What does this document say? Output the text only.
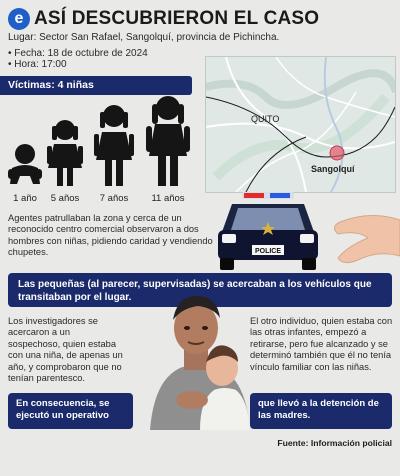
e ASÍ DESCUBRIERON EL CASO
Lugar: Sector San Rafael, Sangolquí, provincia de Pichincha.
• Fecha: 18 de octubre de 2024
• Hora: 17:00
Víctimas: 4 niñas
1 año	5 años	7 años	11 años
QUITO
Sangolquí
POLICE
Agentes patrullaban la zona y cerca de un reconocido centro comercial observaron a dos hombres con niñas, pidiendo caridad y vendiendo chupetes.
Las pequeñas (al parecer, supervisadas) se acercaban a los vehículos que transitaban por el lugar.
Los investigadores se acercaron a un sospechoso, quien estaba con una niña, de apenas un año, y comprobaron que no tenían parentesco.
El otro individuo, quien estaba con las otras infantes, empezó a retirarse, pero fue alcanzado y se determinó también que él no tenía vínculo familiar con las niñas.
En consecuencia, se ejecutó un operativo
que llevó a la detención de las madres.
Fuente: Información policial
